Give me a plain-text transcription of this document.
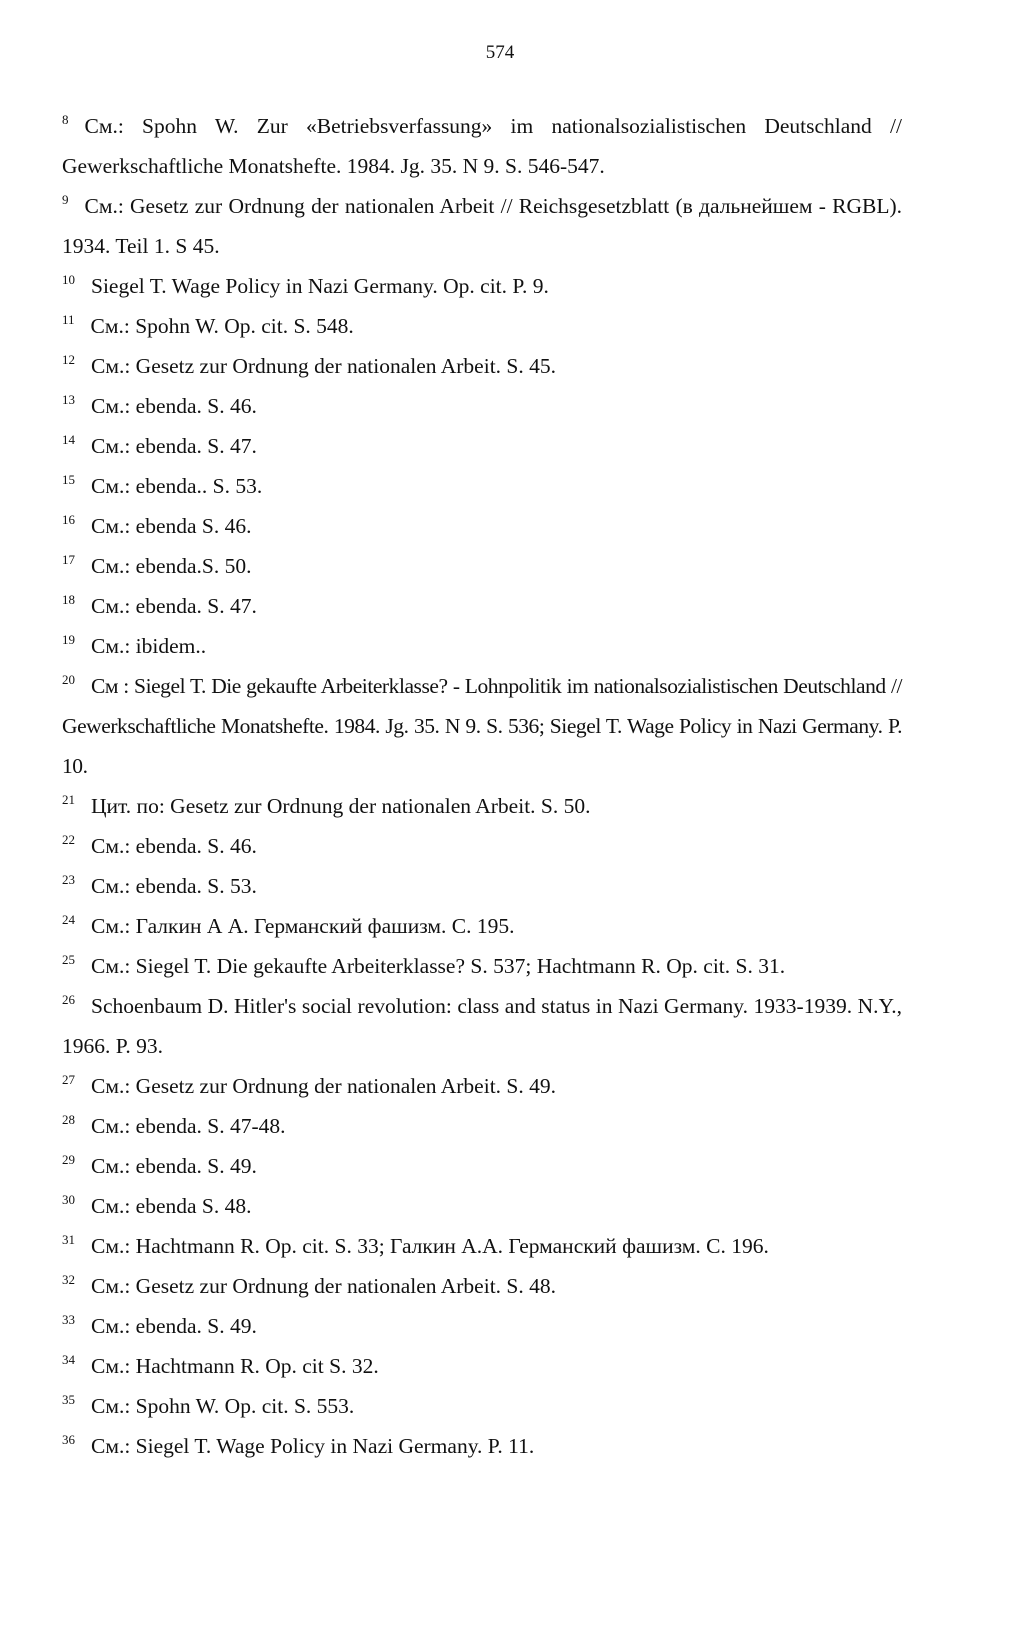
574
$^8$ См.: Spohn W. Zur «Betriebsverfassung» im nationalsozialistischen Deutschland // Gewerkschaftliche Monatshefte. 1984. Jg. 35. N 9. S. 546-547.
$^9$ См.: Gesetz zur Ordnung der nationalen Arbeit // Reichsgesetzblatt (в дальнейшем - RGBL). 1934. Teil 1. S 45.
$^{10}$ Siegel T. Wage Policy in Nazi Germany. Op. cit. P. 9.
$^{11}$ См.: Spohn W. Op. cit. S. 548.
$^{12}$ См.: Gesetz zur Ordnung der nationalen Arbeit. S. 45.
$^{13}$ См.: ebenda. S. 46.
$^{14}$ См.: ebenda. S. 47.
$^{15}$ См.: ebenda.. S. 53.
$^{16}$ См.: ebenda S. 46.
$^{17}$ См.: ebenda.S. 50.
$^{18}$ См.: ebenda. S. 47.
$^{19}$ См.: ibidem..
$^{20}$ См : Siegel T. Die gekaufte Arbeiterklasse? - Lohnpolitik im nationalsozialistischen Deutschland // Gewerkschaftliche Monatshefte. 1984. Jg. 35. N 9. S. 536; Siegel T. Wage Policy in Nazi Germany. P. 10.
$^{21}$ Цит. по: Gesetz zur Ordnung der nationalen Arbeit. S. 50.
$^{22}$ См.: ebenda. S. 46.
$^{23}$ См.: ebenda. S. 53.
$^{24}$ См.: Галкин А А. Германский фашизм. С. 195.
$^{25}$ См.: Siegel T. Die gekaufte Arbeiterklasse? S. 537; Hachtmann R. Op. cit. S. 31.
$^{26}$ Schoenbaum D. Hitler's social revolution: class and status in Nazi Germany. 1933-1939. N.Y., 1966. P. 93.
$^{27}$ См.: Gesetz zur Ordnung der nationalen Arbeit. S. 49.
$^{28}$ См.: ebenda. S. 47-48.
$^{29}$ См.: ebenda. S. 49.
$^{30}$ См.: ebenda S. 48.
$^{31}$ См.: Hachtmann R. Op. cit. S. 33; Галкин А.А. Германский фашизм. С. 196.
$^{32}$ См.: Gesetz zur Ordnung der nationalen Arbeit. S. 48.
$^{33}$ См.: ebenda. S. 49.
$^{34}$ См.: Hachtmann R. Op. cit S. 32.
$^{35}$ См.: Spohn W. Op. cit. S. 553.
$^{36}$ См.: Siegel T. Wage Policy in Nazi Germany. P. 11.
